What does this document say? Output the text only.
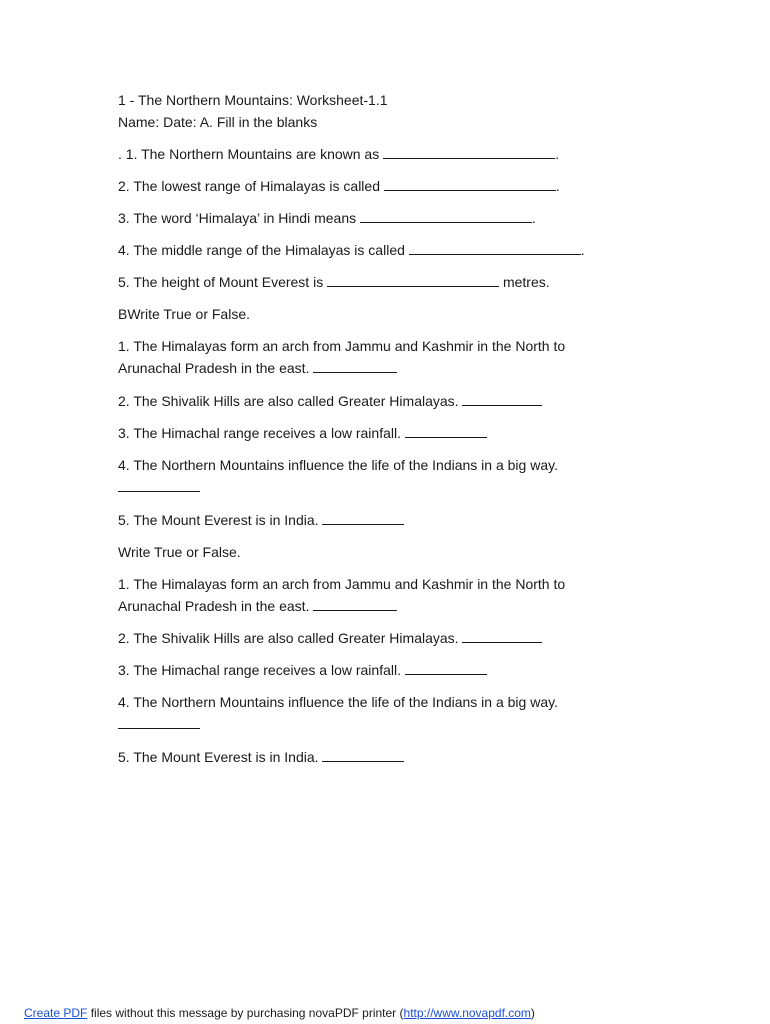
1 - The Northern Mountains: Worksheet-1.1
Name: Date: A. Fill in the blanks
. 1. The Northern Mountains are known as	.
2. The lowest range of Himalayas is called	.
3. The word ‘Himalaya’ in Hindi means	.
4. The middle range of the Himalayas is called	.
5. The height of Mount Everest is	metres.
BWrite True or False.
1. The Himalayas form an arch from Jammu and Kashmir in the North to
Arunachal Pradesh in the east.
2. The Shivalik Hills are also called Greater Himalayas.
3. The Himachal range receives a low rainfall.
4. The Northern Mountains influence the life of the Indians in a big way.
5. The Mount Everest is in India.
Write True or False.
1. The Himalayas form an arch from Jammu and Kashmir in the North to
Arunachal Pradesh in the east.
2. The Shivalik Hills are also called Greater Himalayas.
3. The Himachal range receives a low rainfall.
4. The Northern Mountains influence the life of the Indians in a big way.
5. The Mount Everest is in India.
Create PDF files without this message by purchasing novaPDF printer (http://www.novapdf.com)
